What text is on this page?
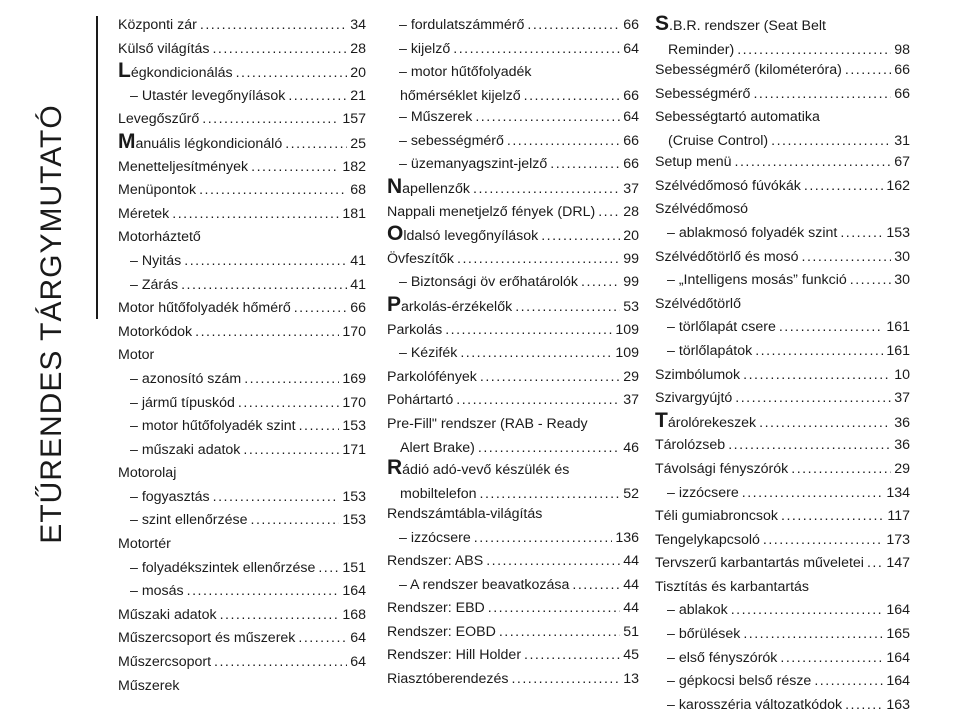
ETŰRENDES TÁRGYMUTATÓ
Központi zár .....	34
Külső világítás .....	28
Légkondicionálás .....	20
– Utastér levegőnyílások .....	21
Levegőszűrő .....	157
Manuális légkondicionáló .....	25
Menetteljesítmények .....	182
Menüpontok .....	68
Méretek .....	181
Motorháztető
– Nyitás .....	41
– Zárás .....	41
Motor hűtőfolyadék hőmérő .....	66
Motorkódok .....	170
Motor
– azonosító szám .....	169
– jármű típuskód .....	170
– motor hűtőfolyadék szint .....	153
– műszaki adatok .....	171
Motorolaj
– fogyasztás .....	153
– szint ellenőrzése .....	153
Motortér
– folyadékszintek ellenőrzése ..... 151
– mosás .....	164
Műszaki adatok .....	168
Műszercsoport és műszerek .....	64
Műszercsoport .....	64
Műszerek
– fordulatszámmérő .....	66
– kijelző .....	64
– motor hűtőfolyadék
hőmérséklet kijelző .....	66
– Műszerek .....	64
– sebességmérő .....	66
– üzemanyagszint-jelző .....	66
Napellenzők .....	37
Nappali menetjelző fények (DRL) ..... 28
Oldalsó levegőnyílások .....	20
Övfeszítők .....	99
– Biztonsági öv erőhatárolók .....	99
Parkolás-érzékelők .....	53
Parkolás .....	109
– Kézifék .....	109
Parkolófények .....	29
Pohártartó .....	37
Pre-Fill" rendszer (RAB - Ready
Alert Brake) .....	46
Rádió adó-vevő készülék és
mobiltelefon .....	52
Rendszámtábla-világítás
– izzócsere .....	136
Rendszer: ABS .....	44
– A rendszer beavatkozása .....	44
Rendszer: EBD .....	44
Rendszer: EOBD .....	51
Rendszer: Hill Holder .....	45
Riasztóberendezés .....	13
S.B.R. rendszer (Seat Belt
Reminder) .....	98
Sebességmérő (kilométeróra) .....	66
Sebességmérő .....	66
Sebességtartó automatika
(Cruise Control) .....	31
Setup menü .....	67
Szélvédőmosó fúvókák .....	162
Szélvédőmosó
– ablakmosó folyadék szint .....	153
Szélvédőtörlő és mosó .....	30
– „Intelligens mosás” funkció .....	30
Szélvédőtörlő
– törlőlapát csere .....	161
– törlőlapátok .....	161
Szimbólumok .....	10
Szivargyújtó .....	37
Tárolórekeszek .....	36
Tárolózseb .....	36
Távolsági fényszórók .....	29
– izzócsere .....	134
Téli gumiabroncsok .....	117
Tengelykapcsoló .....	173
Tervszerű karbantartás műveletei ..... 147
Tisztítás és karbantartás
– ablakok .....	164
– bőrülések .....	165
– első fényszórók .....	164
– gépkocsi belső része .....	164
– karosszéria változatkódok .....	163
